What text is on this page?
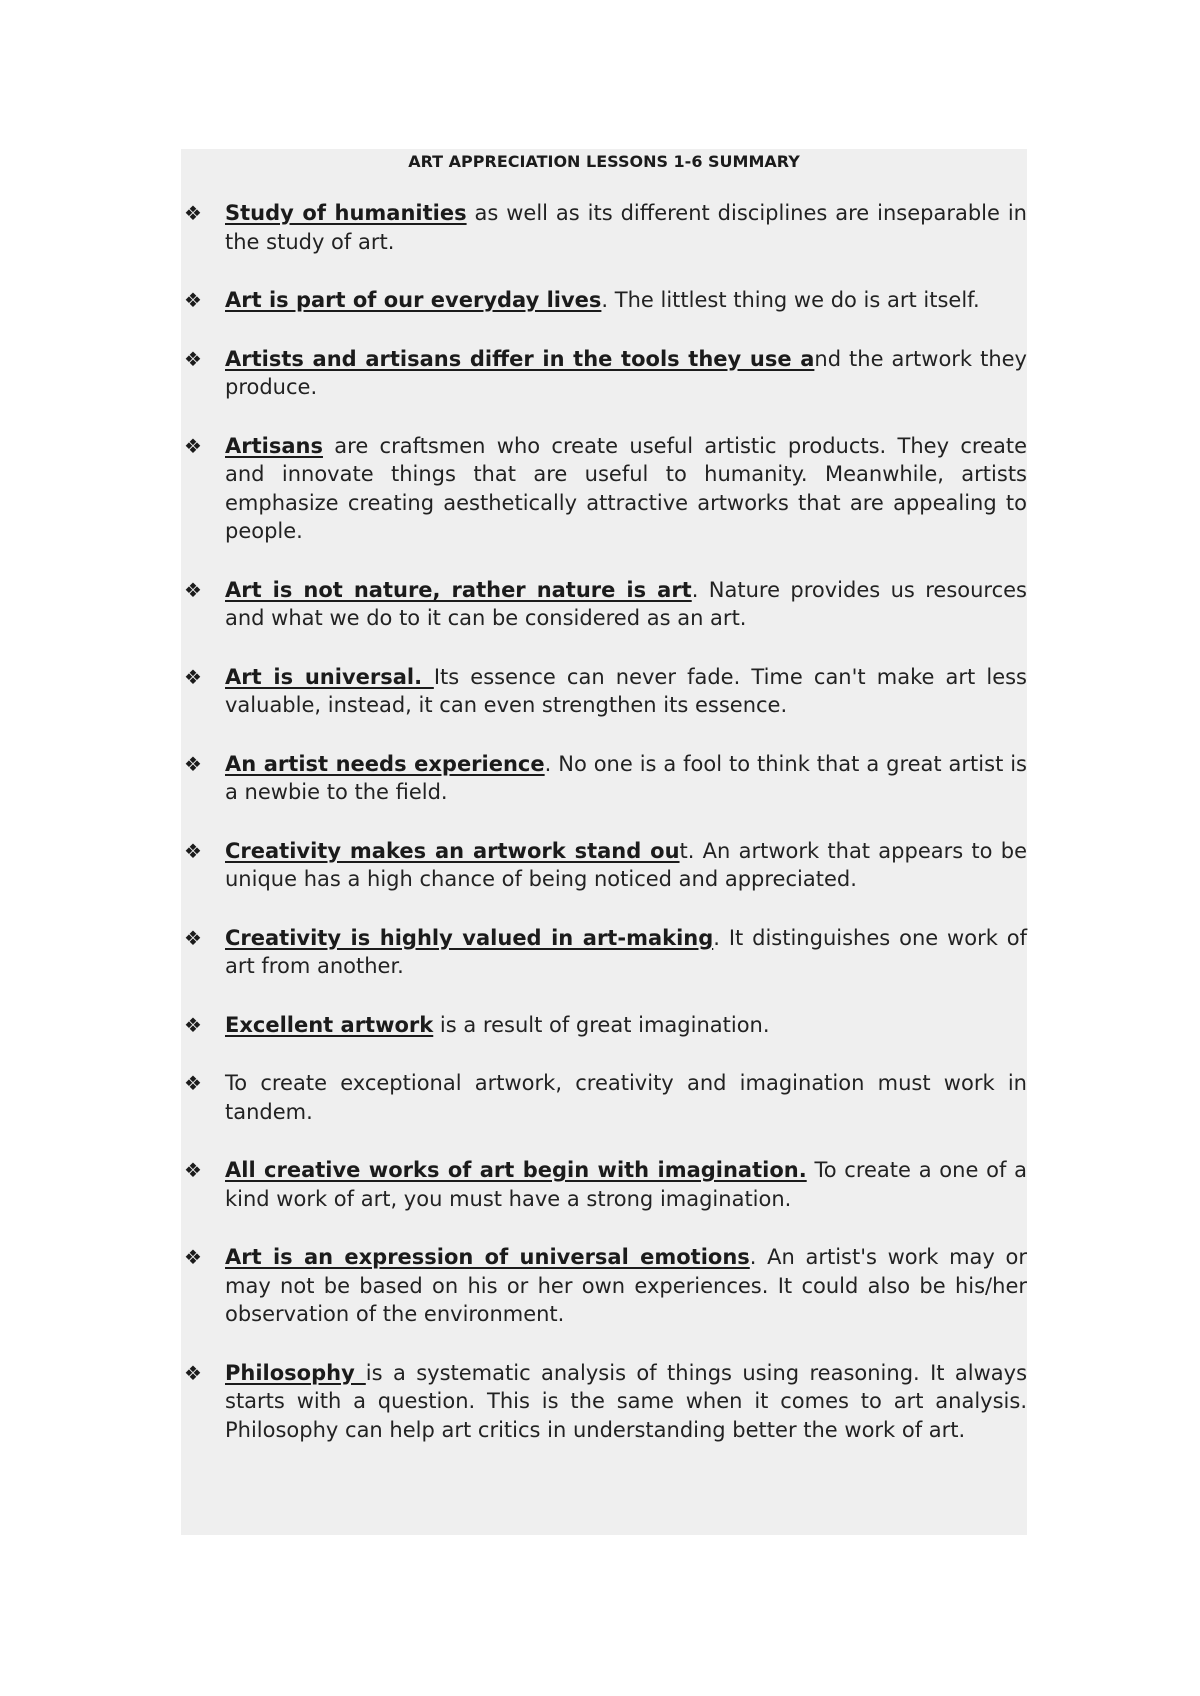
ART APPRECIATION LESSONS 1-6 SUMMARY
❖ Study of humanities as well as its different disciplines are inseparable in the study of art.
❖ Art is part of our everyday lives. The littlest thing we do is art itself.
❖ Artists and artisans differ in the tools they use and the artwork they produce.
❖ Artisans are craftsmen who create useful artistic products. They create and innovate things that are useful to humanity. Meanwhile, artists emphasize creating aesthetically attractive artworks that are appealing to people.
❖ Art is not nature, rather nature is art. Nature provides us resources and what we do to it can be considered as an art.
❖ Art is universal. Its essence can never fade. Time can't make art less valuable, instead, it can even strengthen its essence.
❖ An artist needs experience. No one is a fool to think that a great artist is a newbie to the field.
❖ Creativity makes an artwork stand out. An artwork that appears to be unique has a high chance of being noticed and appreciated.
❖ Creativity is highly valued in art-making. It distinguishes one work of art from another.
❖ Excellent artwork is a result of great imagination.
❖ To create exceptional artwork, creativity and imagination must work in tandem.
❖ All creative works of art begin with imagination. To create a one of a kind work of art, you must have a strong imagination.
❖ Art is an expression of universal emotions. An artist's work may or may not be based on his or her own experiences. It could also be his/her observation of the environment.
❖ Philosophy is a systematic analysis of things using reasoning. It always starts with a question. This is the same when it comes to art analysis. Philosophy can help art critics in understanding better the work of art.
